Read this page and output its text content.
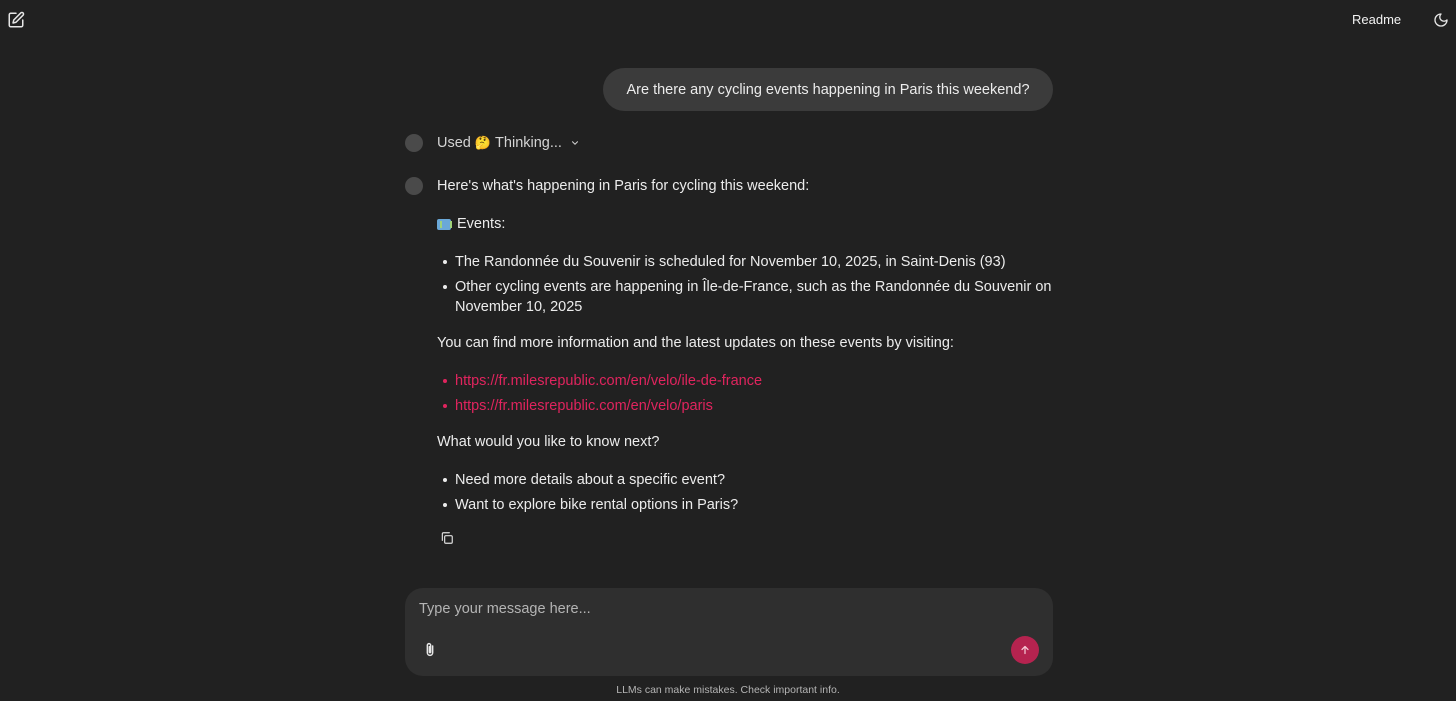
Readme
Are there any cycling events happening in Paris this weekend?
Used 🤔 Thinking...

Here's what's happening in Paris for cycling this weekend:

Events:

The Randonnée du Souvenir is scheduled for November 10, 2025, in Saint-Denis (93)
Other cycling events are happening in Île-de-France, such as the Randonnée du Souvenir on November 10, 2025

You can find more information and the latest updates on these events by visiting:

https://fr.milesrepublic.com/en/velo/ile-de-france
https://fr.milesrepublic.com/en/velo/paris

What would you like to know next?

Need more details about a specific event?
Want to explore bike rental options in Paris?
Type your message here...
LLMs can make mistakes. Check important info.
